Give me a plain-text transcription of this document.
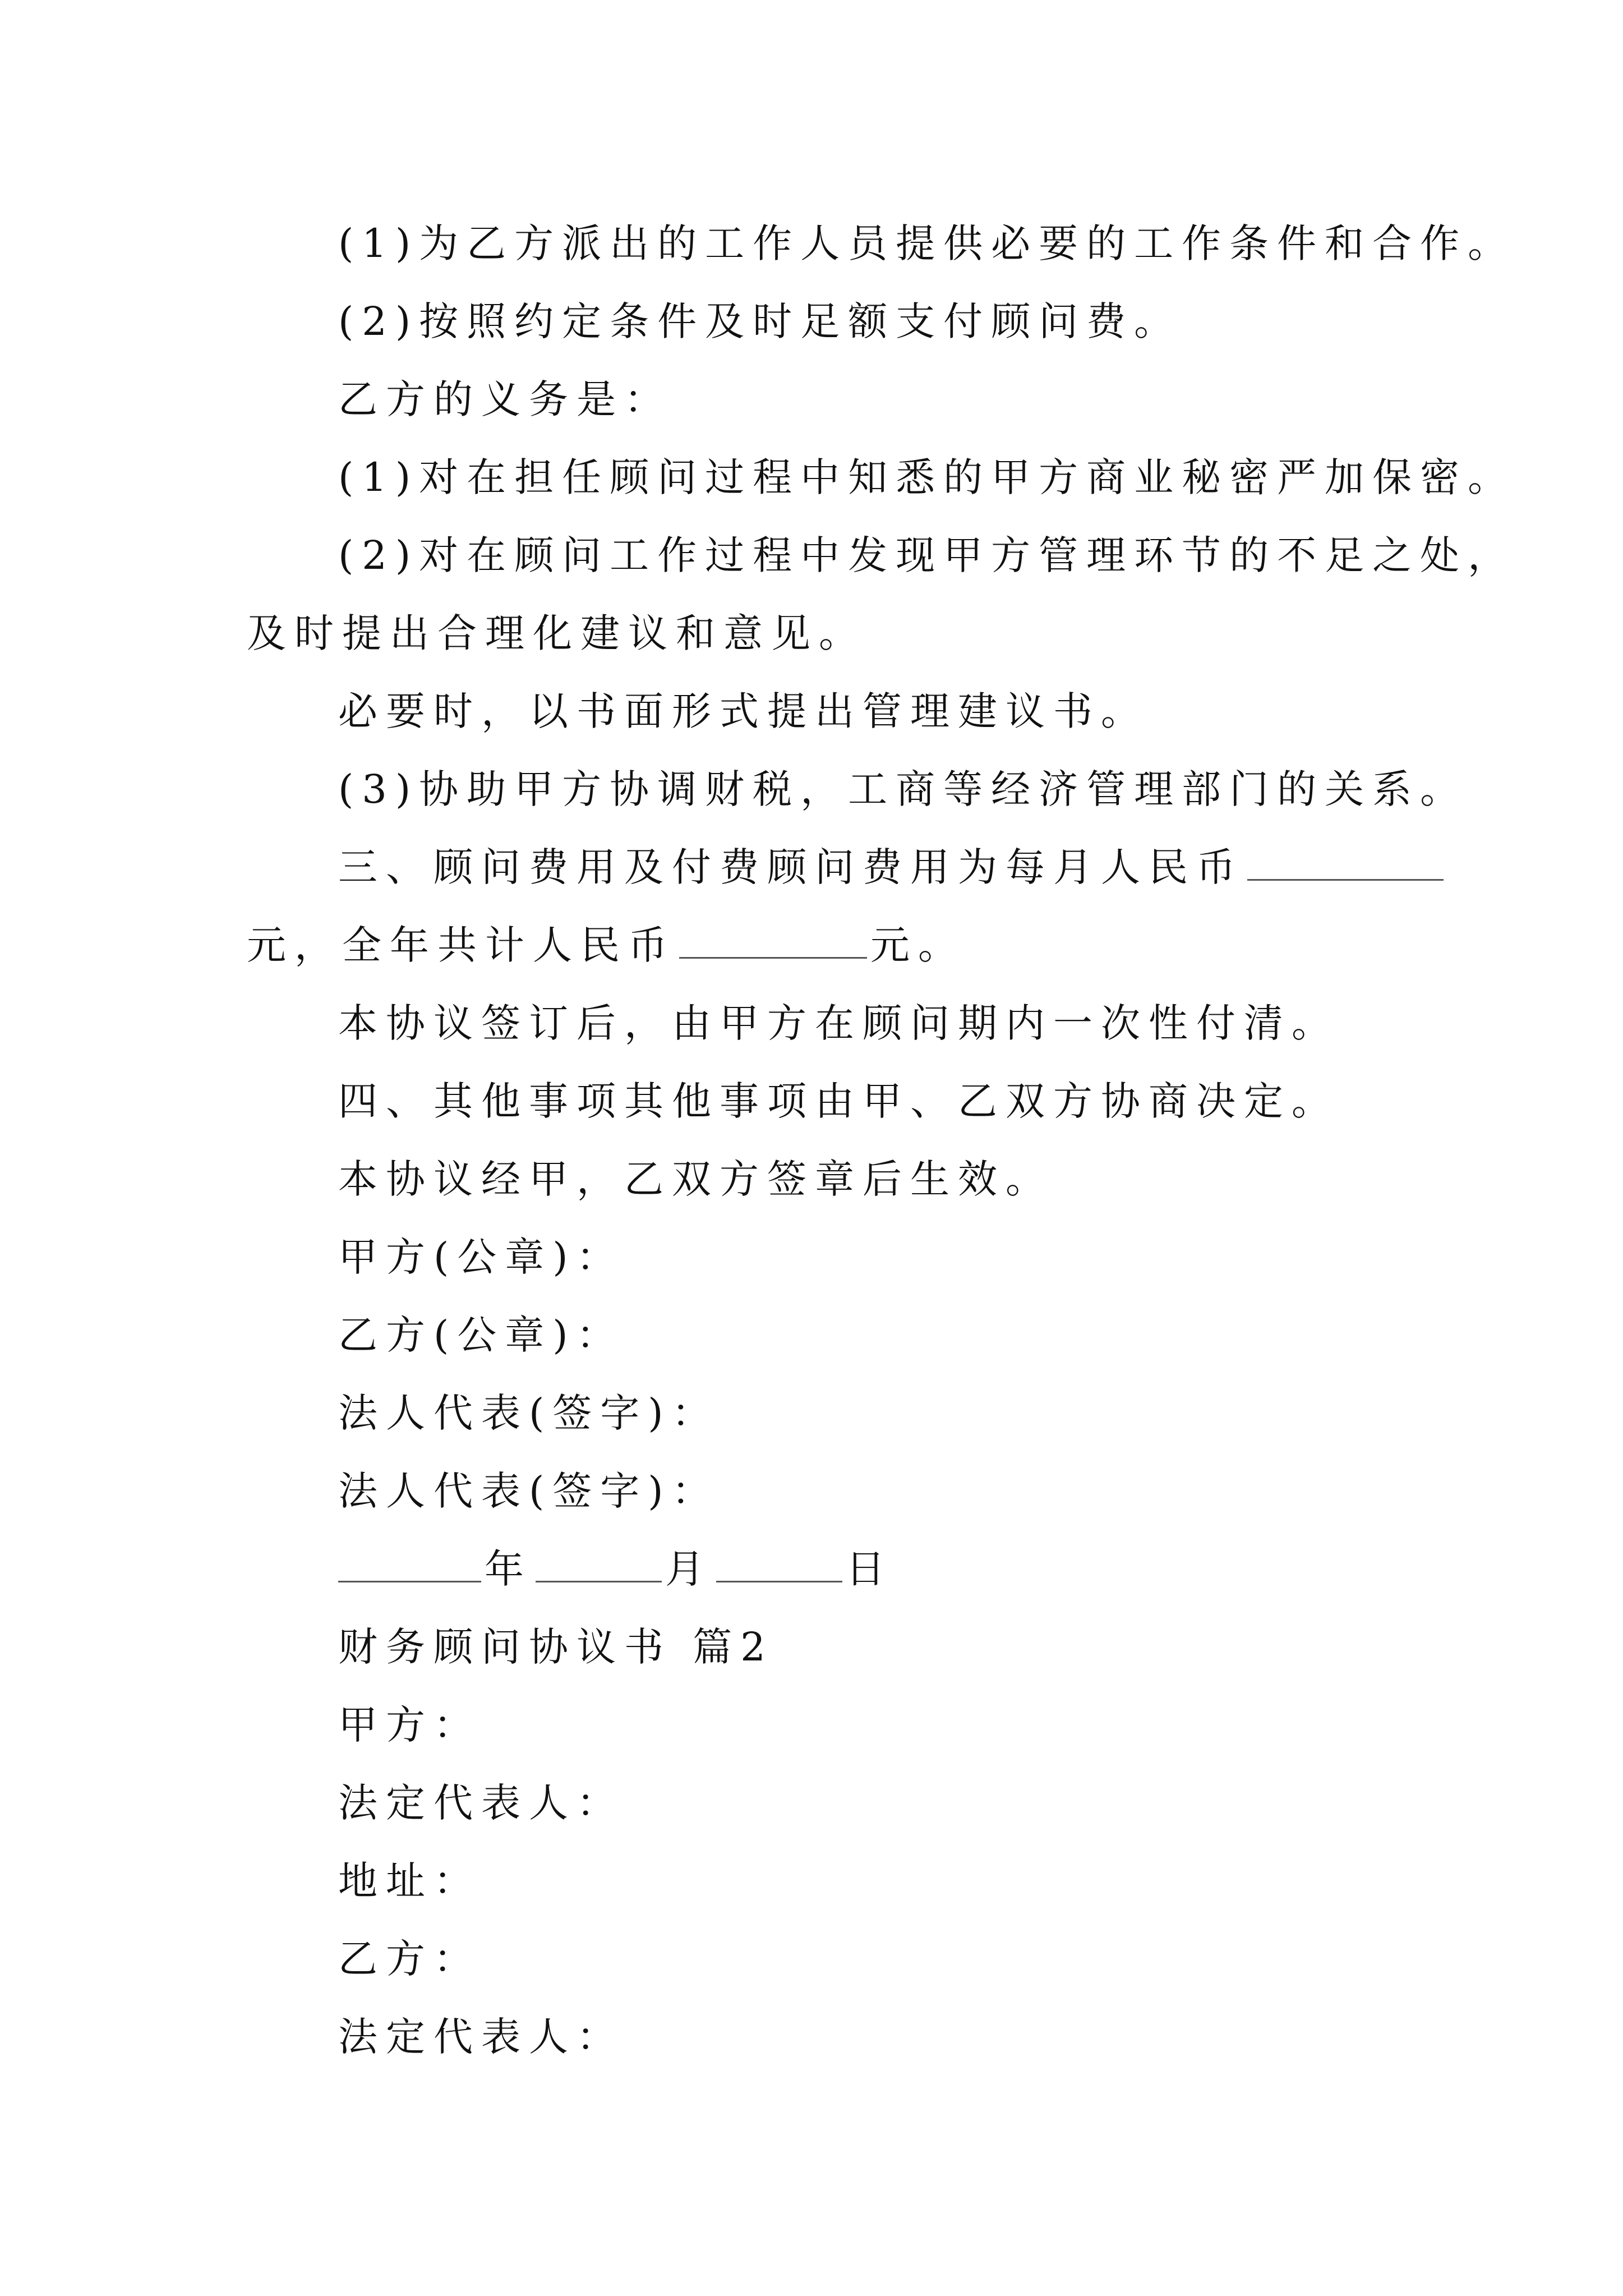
(1)为乙方派出的工作人员提供必要的工作条件和合作。

(2)按照约定条件及时足额支付顾问费。

乙方的义务是：

(1)对在担任顾问过程中知悉的甲方商业秘密严加保密。

(2)对在顾问工作过程中发现甲方管理环节的不足之处，

及时提出合理化建议和意见。

必要时，以书面形式提出管理建议书。

(3)协助甲方协调财税，工商等经济管理部门的关系。

三、顾问费用及付费顾问费用为每月人民币

元，全年共计人民币	元。

本协议签订后，由甲方在顾问期内一次性付清。

四、其他事项其他事项由甲、乙双方协商决定。

本协议经甲，乙双方签章后生效。

甲方(公章)：

乙方(公章)：

法人代表(签字)：

法人代表(签字)：

年	月	日

财务顾问协议书 篇2

甲方：

法定代表人：

地址：

乙方：

法定代表人：
